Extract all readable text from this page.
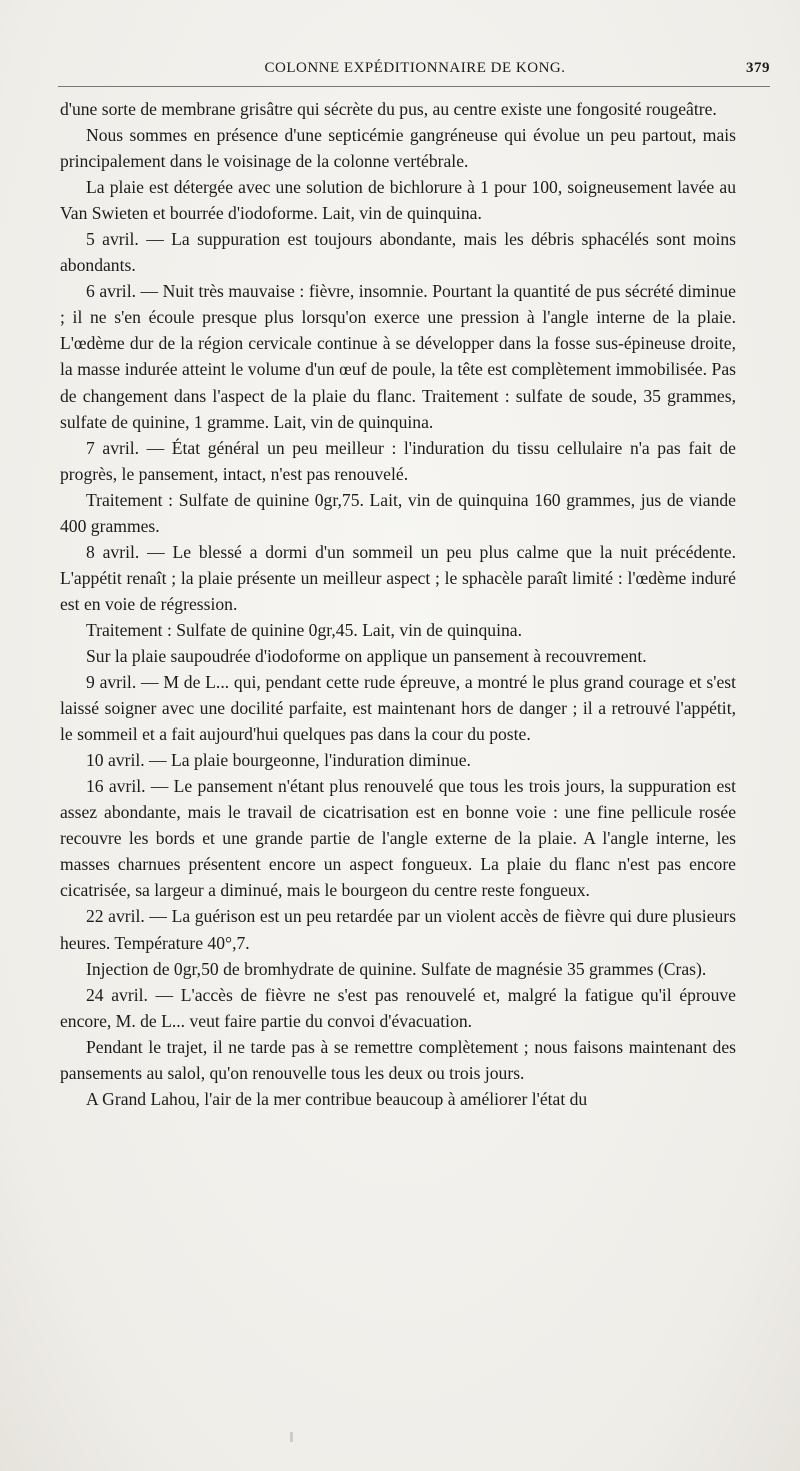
COLONNE EXPÉDITIONNAIRE DE KONG.	379

d'une sorte de membrane grisâtre qui sécrète du pus, au centre existe une fongosité rougeâtre.

Nous sommes en présence d'une septicémie gangréneuse qui évolue un peu partout, mais principalement dans le voisinage de la colonne vertébrale.

La plaie est détergée avec une solution de bichlorure à 1 pour 100, soigneusement lavée au Van Swieten et bourrée d'iodoforme. Lait, vin de quinquina.

5 avril. — La suppuration est toujours abondante, mais les débris sphacélés sont moins abondants.

6 avril. — Nuit très mauvaise : fièvre, insomnie. Pourtant la quantité de pus sécrété diminue ; il ne s'en écoule presque plus lorsqu'on exerce une pression à l'angle interne de la plaie. L'œdème dur de la région cervicale continue à se développer dans la fosse sus-épineuse droite, la masse indurée atteint le volume d'un œuf de poule, la tête est complètement immobilisée. Pas de changement dans l'aspect de la plaie du flanc. Traitement : sulfate de soude, 35 grammes, sulfate de quinine, 1 gramme. Lait, vin de quinquina.

7 avril. — État général un peu meilleur : l'induration du tissu cellulaire n'a pas fait de progrès, le pansement, intact, n'est pas renouvelé.

Traitement : Sulfate de quinine 0gr,75. Lait, vin de quinquina 160 grammes, jus de viande 400 grammes.

8 avril. — Le blessé a dormi d'un sommeil un peu plus calme que la nuit précédente. L'appétit renaît ; la plaie présente un meilleur aspect ; le sphacèle paraît limité : l'œdème induré est en voie de régression.

Traitement : Sulfate de quinine 0gr,45. Lait, vin de quinquina.

Sur la plaie saupoudrée d'iodoforme on applique un pansement à recouvrement.

9 avril. — M de L... qui, pendant cette rude épreuve, a montré le plus grand courage et s'est laissé soigner avec une docilité parfaite, est maintenant hors de danger ; il a retrouvé l'appétit, le sommeil et a fait aujourd'hui quelques pas dans la cour du poste.

10 avril. — La plaie bourgeonne, l'induration diminue.

16 avril. — Le pansement n'étant plus renouvelé que tous les trois jours, la suppuration est assez abondante, mais le travail de cicatrisation est en bonne voie : une fine pellicule rosée recouvre les bords et une grande partie de l'angle externe de la plaie. A l'angle interne, les masses charnues présentent encore un aspect fongueux. La plaie du flanc n'est pas encore cicatrisée, sa largeur a diminué, mais le bourgeon du centre reste fongueux.

22 avril. — La guérison est un peu retardée par un violent accès de fièvre qui dure plusieurs heures. Température 40°,7.

Injection de 0gr,50 de bromhydrate de quinine. Sulfate de magnésie 35 grammes (Cras).

24 avril. — L'accès de fièvre ne s'est pas renouvelé et, malgré la fatigue qu'il éprouve encore, M. de L... veut faire partie du convoi d'évacuation.

Pendant le trajet, il ne tarde pas à se remettre complètement ; nous faisons maintenant des pansements au salol, qu'on renouvelle tous les deux ou trois jours.

A Grand Lahou, l'air de la mer contribue beaucoup à améliorer l'état du
